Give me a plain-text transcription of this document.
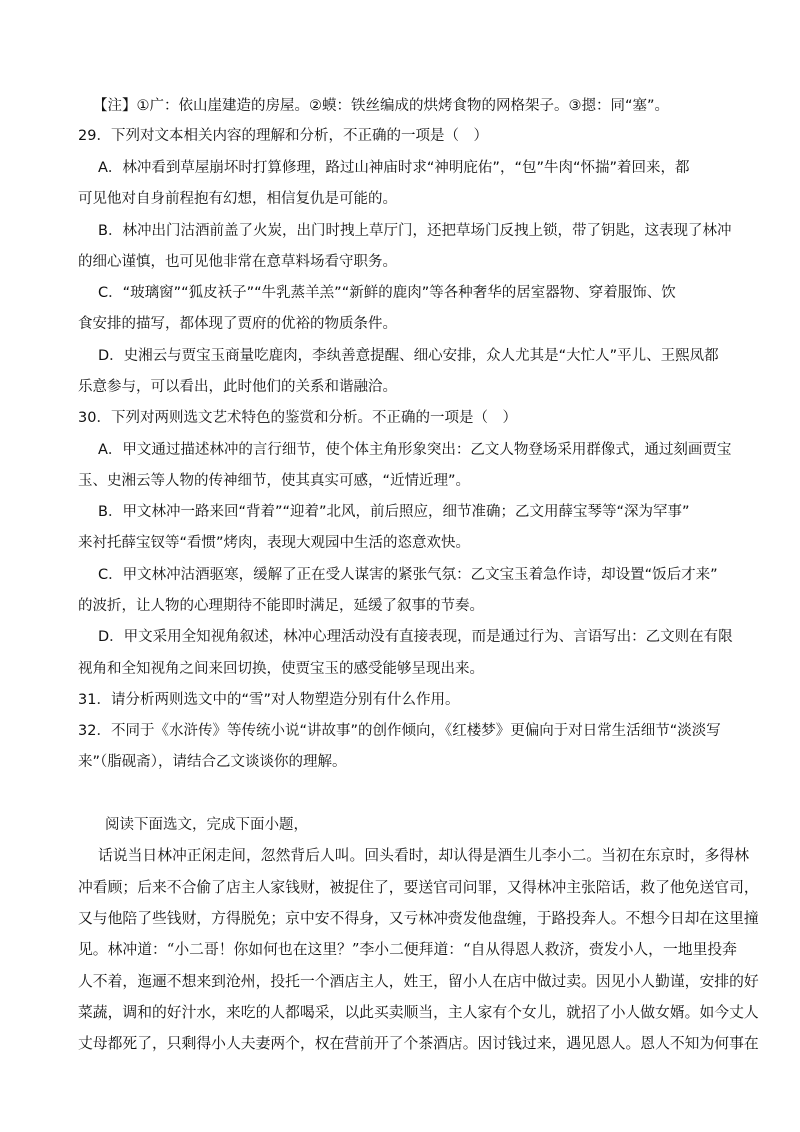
【注】①广：依山崖建造的房屋。②蟆：铁丝编成的烘烤食物的网格架子。③摁：同“塞”。
29．下列对文本相关内容的理解和分析，不正确的一项是（　）
A．林冲看到草屋崩坏时打算修理，路过山神庙时求“神明庇佑”，“包”牛肉“怀揣”着回来，都
可见他对自身前程抱有幻想，相信复仇是可能的。
B．林冲出门沽酒前盖了火炭，出门时拽上草厅门，还把草场门反拽上锁，带了钥匙，这表现了林冲
的细心谨慎，也可见他非常在意草料场看守职务。
C．“玻璃窗”“狐皮袄子”“牛乳蒸羊羔”“新鲜的鹿肉”等各种奢华的居室器物、穿着服饰、饮
食安排的描写，都体现了贾府的优裕的物质条件。
D．史湘云与贾宝玉商量吃鹿肉，李纨善意提醒、细心安排，众人尤其是“大忙人”平儿、王熙凤都
乐意参与，可以看出，此时他们的关系和谐融洽。
30．下列对两则选文艺术特色的鉴赏和分析。不正确的一项是（　）
A．甲文通过描述林冲的言行细节，使个体主角形象突出：乙文人物登场采用群像式，通过刻画贾宝
玉、史湘云等人物的传神细节，使其真实可感，“近情近理”。
B．甲文林冲一路来回“背着”“迎着”北风，前后照应，细节准确；乙文用薛宝琴等“深为罕事”
来衬托薛宝钗等“看惯”烤肉，表现大观园中生活的恣意欢快。
C．甲文林冲沽酒驱寒，缓解了正在受人谋害的紧张气氛：乙文宝玉着急作诗，却设置“饭后才来”
的波折，让人物的心理期待不能即时满足，延缓了叙事的节奏。
D．甲文采用全知视角叙述，林冲心理活动没有直接表现，而是通过行为、言语写出：乙文则在有限
视角和全知视角之间来回切换，使贾宝玉的感受能够呈现出来。
31．请分析两则选文中的“雪”对人物塑造分别有什么作用。
32．不同于《水浒传》等传统小说“讲故事”的创作倾向，《红楼梦》更偏向于对日常生活细节“淡淡写
来”（脂砚斋），请结合乙文谈谈你的理解。
阅读下面选文，完成下面小题，
话说当日林冲正闲走间，忽然背后人叫。回头看时，却认得是酒生儿李小二。当初在东京时，多得林
冲看顾；后来不合偷了店主人家钱财，被捉住了，要送官司问罪，又得林冲主张陪话，救了他免送官司，
又与他陪了些钱财，方得脱免；京中安不得身，又亏林冲赍发他盘缠，于路投奔人。不想今日却在这里撞
见。林冲道：“小二哥！你如何也在这里？”李小二便拜道：“自从得恩人救济，赍发小人，一地里投奔
人不着，迤逦不想来到沧州，投托一个酒店主人，姓王，留小人在店中做过卖。因见小人勤谨，安排的好
菜蔬，调和的好汁水，来吃的人都喝采，以此买卖顺当，主人家有个女儿，就招了小人做女婿。如今丈人
丈母都死了，只剩得小人夫妻两个，权在营前开了个茶酒店。因讨钱过来，遇见恩人。恩人不知为何事在
